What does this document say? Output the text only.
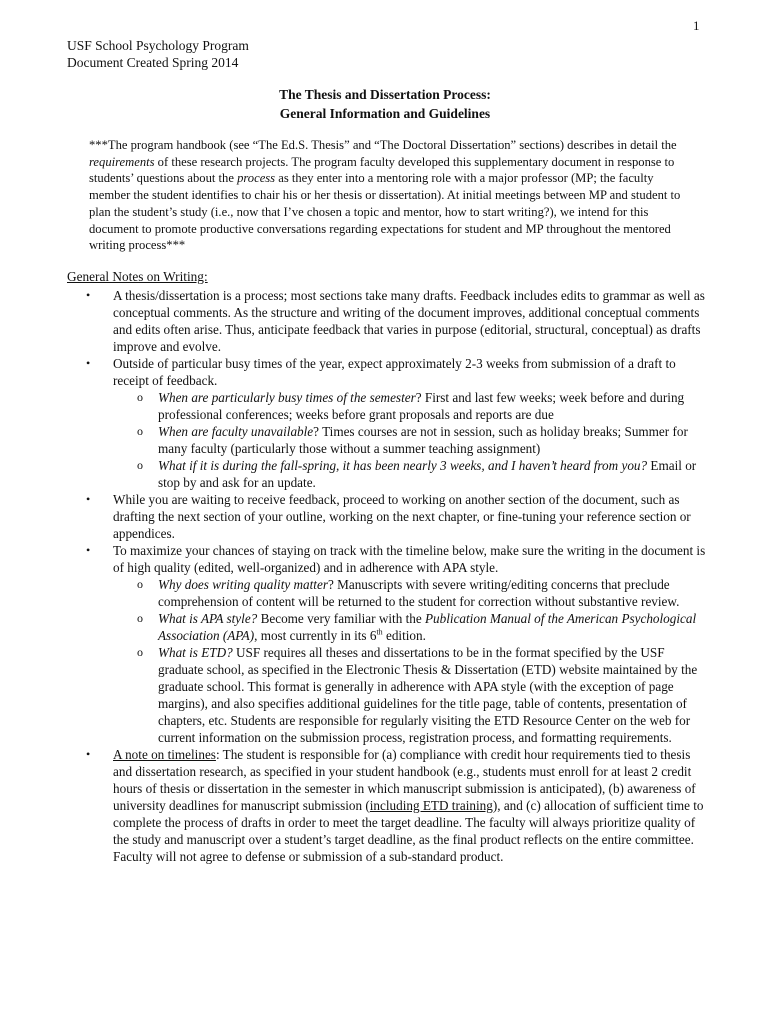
1
USF School Psychology Program
Document Created Spring 2014
The Thesis and Dissertation Process:
General Information and Guidelines
***The program handbook (see “The Ed.S. Thesis” and “The Doctoral Dissertation” sections) describes in detail the requirements of these research projects. The program faculty developed this supplementary document in response to students’ questions about the process as they enter into a mentoring role with a major professor (MP; the faculty member the student identifies to chair his or her thesis or dissertation). At initial meetings between MP and student to plan the student’s study (i.e., now that I’ve chosen a topic and mentor, how to start writing?), we intend for this document to promote productive conversations regarding expectations for student and MP throughout the mentored writing process***
General Notes on Writing:
• A thesis/dissertation is a process; most sections take many drafts. Feedback includes edits to grammar as well as conceptual comments. As the structure and writing of the document improves, additional conceptual comments and edits often arise. Thus, anticipate feedback that varies in purpose (editorial, structural, conceptual) as drafts improve and evolve.
• Outside of particular busy times of the year, expect approximately 2-3 weeks from submission of a draft to receipt of feedback.
o When are particularly busy times of the semester? First and last few weeks; week before and during professional conferences; weeks before grant proposals and reports are due
o When are faculty unavailable? Times courses are not in session, such as holiday breaks; Summer for many faculty (particularly those without a summer teaching assignment)
o What if it is during the fall-spring, it has been nearly 3 weeks, and I haven’t heard from you? Email or stop by and ask for an update.
• While you are waiting to receive feedback, proceed to working on another section of the document, such as drafting the next section of your outline, working on the next chapter, or fine-tuning your reference section or appendices.
• To maximize your chances of staying on track with the timeline below, make sure the writing in the document is of high quality (edited, well-organized) and in adherence with APA style.
o Why does writing quality matter? Manuscripts with severe writing/editing concerns that preclude comprehension of content will be returned to the student for correction without substantive review.
o What is APA style? Become very familiar with the Publication Manual of the American Psychological Association (APA), most currently in its 6th edition.
o What is ETD? USF requires all theses and dissertations to be in the format specified by the USF graduate school, as specified in the Electronic Thesis & Dissertation (ETD) website maintained by the graduate school. This format is generally in adherence with APA style (with the exception of page margins), and also specifies additional guidelines for the title page, table of contents, presentation of chapters, etc. Students are responsible for regularly visiting the ETD Resource Center on the web for current information on the submission process, registration process, and formatting requirements.
• A note on timelines: The student is responsible for (a) compliance with credit hour requirements tied to thesis and dissertation research, as specified in your student handbook (e.g., students must enroll for at least 2 credit hours of thesis or dissertation in the semester in which manuscript submission is anticipated), (b) awareness of university deadlines for manuscript submission (including ETD training), and (c) allocation of sufficient time to complete the process of drafts in order to meet the target deadline. The faculty will always prioritize quality of the study and manuscript over a student’s target deadline, as the final product reflects on the entire committee. Faculty will not agree to defense or submission of a sub-standard product.
